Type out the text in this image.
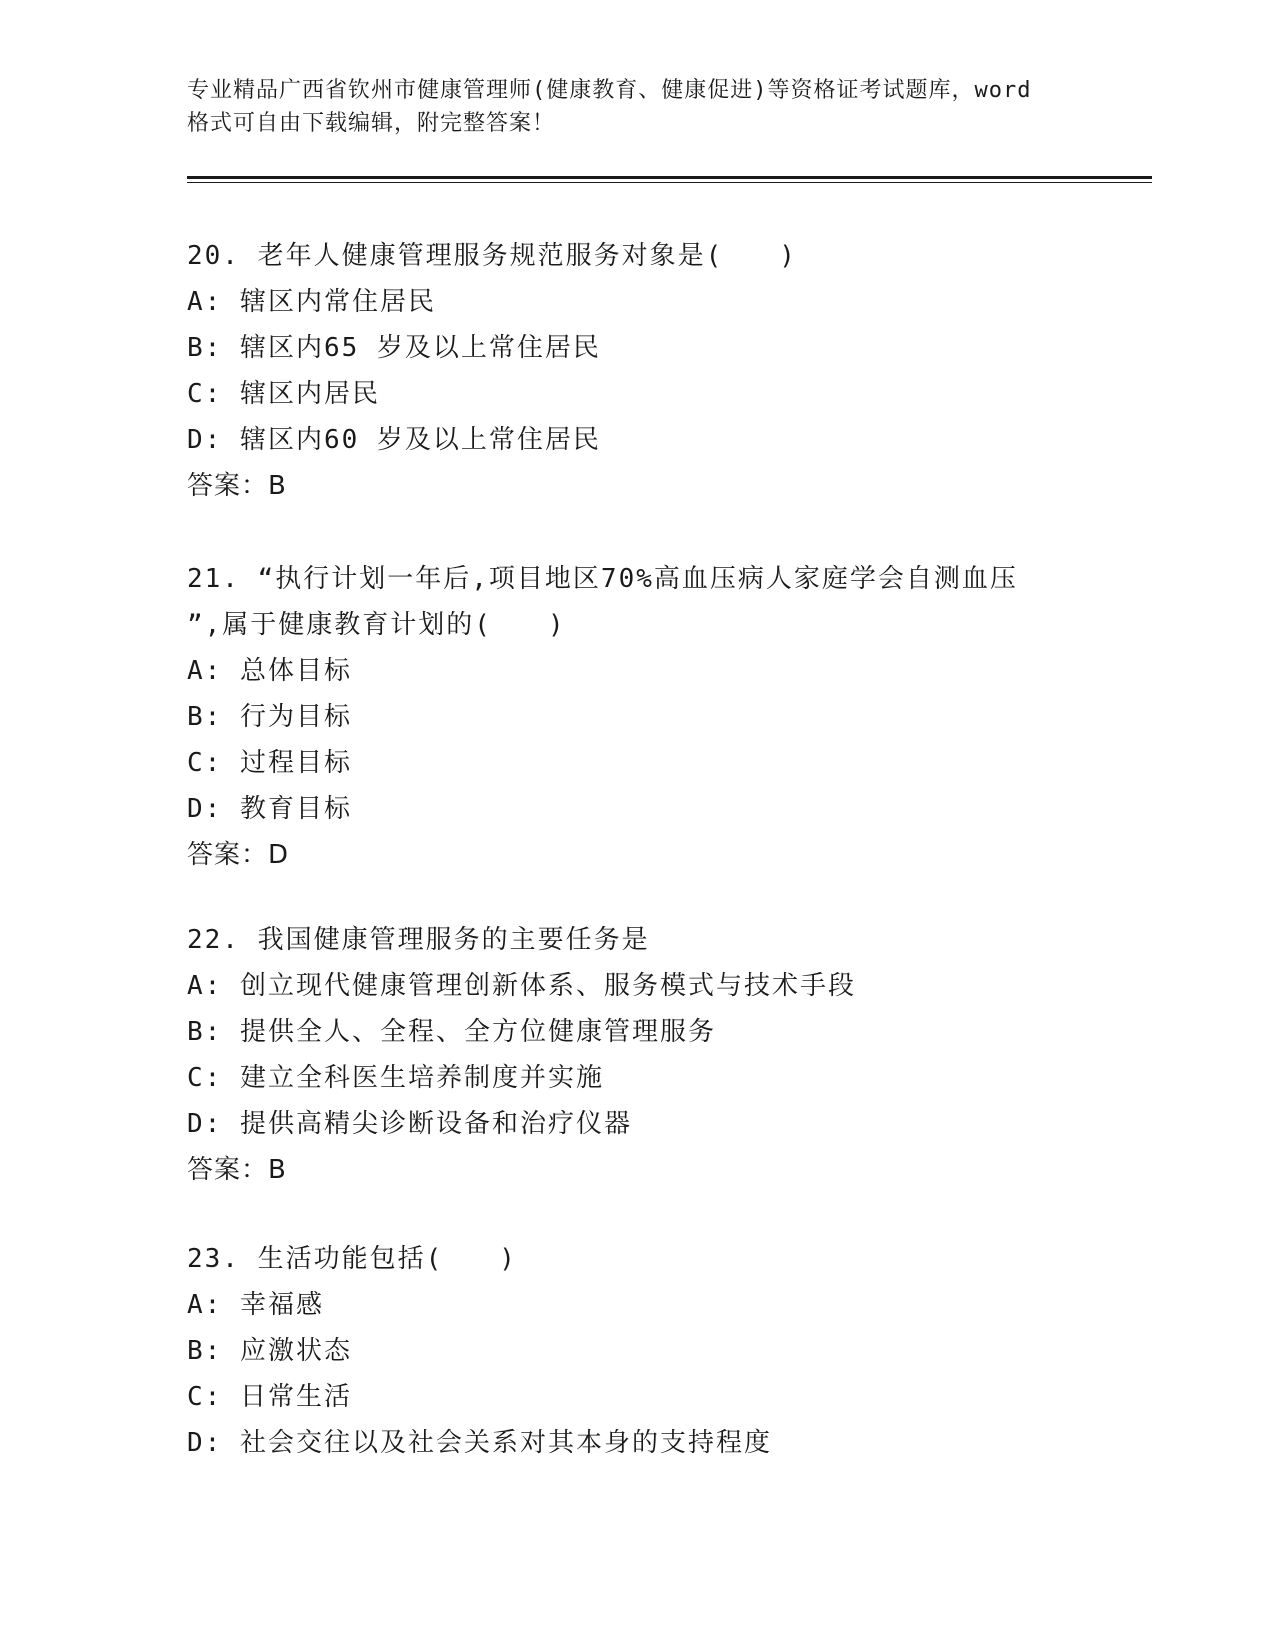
专业精品广西省钦州市健康管理师(健康教育、健康促进)等资格证考试题库，word
格式可自由下载编辑，附完整答案！
20. 老年人健康管理服务规范服务对象是(　　)
A: 辖区内常住居民
B: 辖区内65 岁及以上常住居民
C: 辖区内居民
D: 辖区内60 岁及以上常住居民
答案：B
21. “执行计划一年后,项目地区70%高血压病人家庭学会自测血压
”,属于健康教育计划的(　　)
A: 总体目标
B: 行为目标
C: 过程目标
D: 教育目标
答案：D
22. 我国健康管理服务的主要任务是
A: 创立现代健康管理创新体系、服务模式与技术手段
B: 提供全人、全程、全方位健康管理服务
C: 建立全科医生培养制度并实施
D: 提供高精尖诊断设备和治疗仪器
答案：B
23. 生活功能包括(　　)
A: 幸福感
B: 应激状态
C: 日常生活
D: 社会交往以及社会关系对其本身的支持程度
